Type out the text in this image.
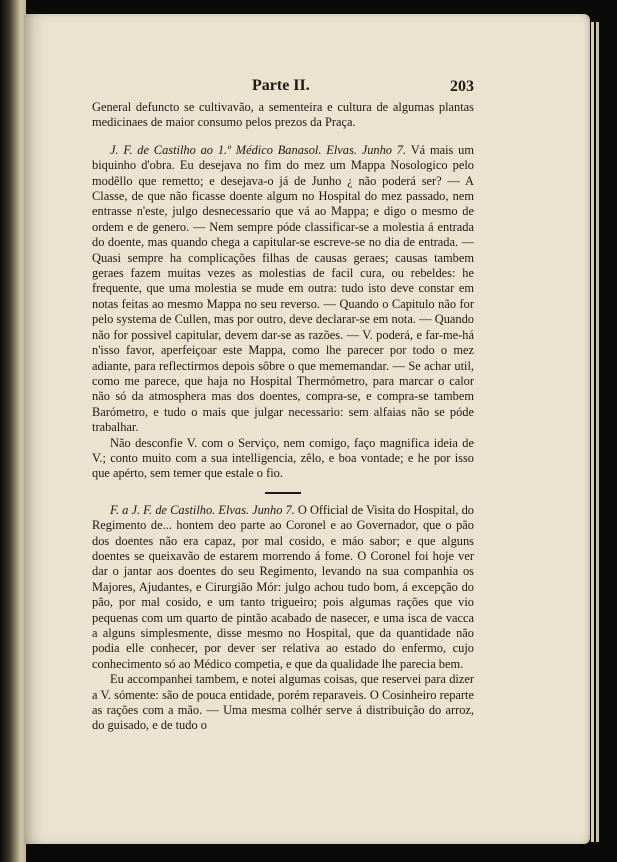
Parte II.	203

General defuncto se cultivavão, a sementeira e cultura de algumas plantas medicinaes de maior consumo pelos prezos da Praça.

J. F. de Castilho ao 1.º Médico Banasol. Elvas. Junho 7. Vá mais um biquinho d'obra. Eu desejava no fim do mez um Mappa Nosologico pelo modêllo que remetto; e desejava-o já de Junho ¿ não poderá ser? — A Classe, de que não ficasse doente algum no Hospital do mez passado, nem entrasse n'este, julgo desnecessario que vá ao Mappa; e digo o mesmo de ordem e de genero. — Nem sempre póde classificar-se a molestia á entrada do doente, mas quando chega a capitular-se escreve-se no dia de entrada. — Quasi sempre ha complicações filhas de causas geraes; causas tambem geraes fazem muitas vezes as molestias de facil cura, ou rebeldes: he frequente, que uma molestia se mude em outra: tudo isto deve constar em notas feitas ao mesmo Mappa no seu reverso. — Quando o Capitulo não for pelo systema de Cullen, mas por outro, deve declarar-se em nota. — Quando não for possivel capitular, devem dar-se as razões. — V. poderá, e far-me-há n'isso favor, aperfeiçoar este Mappa, como lhe parecer por todo o mez adiante, para reflectirmos depois sôbre o que mememandar. — Se achar util, como me parece, que haja no Hospital Thermómetro, para marcar o calor não só da atmosphera mas dos doentes, compra-se, e compra-se tambem Barómetro, e tudo o mais que julgar necessario: sem alfaias não se póde trabalhar.

Não desconfie V. com o Serviço, nem comigo, faço magnifica ideia de V.; conto muito com a sua intelligencia, zêlo, e boa vontade; e he por isso que apérto, sem temer que estale o fio.

F. a J. F. de Castilho. Elvas. Junho 7. O Official de Visita do Hospital, do Regimento de... hontem deo parte ao Coronel e ao Governador, que o pão dos doentes não era capaz, por mal cosido, e máo sabor; e que alguns doentes se queixavão de estarem morrendo á fome. O Coronel foi hoje ver dar o jantar aos doentes do seu Regimento, levando na sua companhia os Majores, Ajudantes, e Cirurgião Mór: julgo achou tudo bom, á excepção do pão, por mal cosido, e um tanto trigueiro; pois algumas rações que vio pequenas com um quarto de pintão acabado de nasecer, e uma isca de vacca a alguns simplesmente, disse mesmo no Hospital, que da quantidade não podia elle conhecer, por dever ser relativa ao estado do enfermo, cujo conhecimento só ao Médico competia, e que da qualidade lhe parecia bem.

Eu accompanhei tambem, e notei algumas coisas, que reservei para dizer a V. sómente: são de pouca entidade, porém reparaveis. O Cosinheiro reparte as rações com a mão. — Uma mesma colhér serve á distribuição do arroz, do guisado, e de tudo o
